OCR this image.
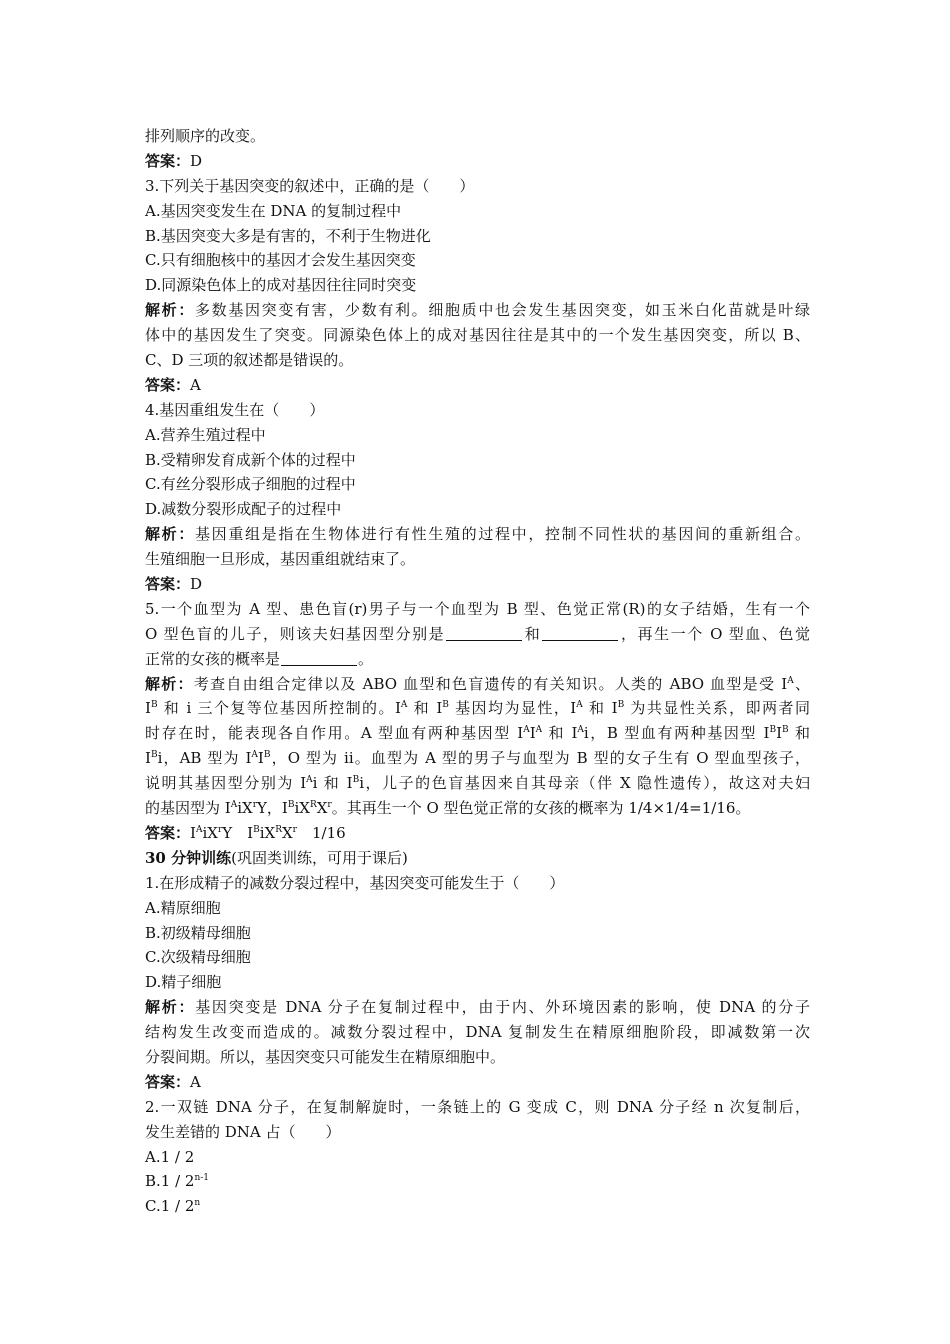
排列顺序的改变。
答案：D
3.下列关于基因突变的叙述中，正确的是（　　）
A.基因突变发生在 DNA 的复制过程中
B.基因突变大多是有害的，不利于生物进化
C.只有细胞核中的基因才会发生基因突变
D.同源染色体上的成对基因往往同时突变
解析：多数基因突变有害，少数有利。细胞质中也会发生基因突变，如玉米白化苗就是叶绿
体中的基因发生了突变。同源染色体上的成对基因往往是其中的一个发生基因突变，所以 B、
C、D 三项的叙述都是错误的。
答案：A
4.基因重组发生在（　　）
A.营养生殖过程中
B.受精卵发育成新个体的过程中
C.有丝分裂形成子细胞的过程中
D.减数分裂形成配子的过程中
解析：基因重组是指在生物体进行有性生殖的过程中，控制不同性状的基因间的重新组合。
生殖细胞一旦形成，基因重组就结束了。
答案：D
5.一个血型为 A 型、患色盲(r)男子与一个血型为 B 型、色觉正常(R)的女子结婚，生有一个
O 型色盲的儿子，则该夫妇基因型分别是	和	，再生一个 O 型血、色觉
正常的女孩的概率是	。
解析：考查自由组合定律以及 ABO 血型和色盲遗传的有关知识。人类的 ABO 血型是受 $I^A$、
$I^B$ 和 i 三个复等位基因所控制的。$I^A$ 和 $I^B$ 基因均为显性，$I^A$ 和 $I^B$ 为共显性关系，即两者同
时存在时，能表现各自作用。A 型血有两种基因型 $I^AI^A$ 和 $I^Ai$，B 型血有两种基因型 $I^BI^B$ 和
$I^Bi$，AB 型为 $I^AI^B$，O 型为 ii。血型为 A 型的男子与血型为 B 型的女子生有 O 型血型孩子，
说明其基因型分别为 $I^Ai$ 和 $I^Bi$，儿子的色盲基因来自其母亲（伴 X 隐性遗传），故这对夫妇
的基因型为 $I^AiX^rY$，$I^BiX^RX^r$。其再生一个 O 型色觉正常的女孩的概率为 1/4×1/4=1/16。
答案：$I^AiX^rY$　$I^BiX^RX^r$　1/16
30 分钟训练(巩固类训练，可用于课后)
1.在形成精子的减数分裂过程中，基因突变可能发生于（　　）
A.精原细胞
B.初级精母细胞
C.次级精母细胞
D.精子细胞
解析：基因突变是 DNA 分子在复制过程中，由于内、外环境因素的影响，使 DNA 的分子
结构发生改变而造成的。减数分裂过程中，DNA 复制发生在精原细胞阶段，即减数第一次
分裂间期。所以，基因突变只可能发生在精原细胞中。
答案：A
2.一双链 DNA 分子，在复制解旋时，一条链上的 G 变成 C，则 DNA 分子经 n 次复制后，
发生差错的 DNA 占（　　）
A.1 / 2
B.1 / 2$^{n-1}$
C.1 / 2$^n$
